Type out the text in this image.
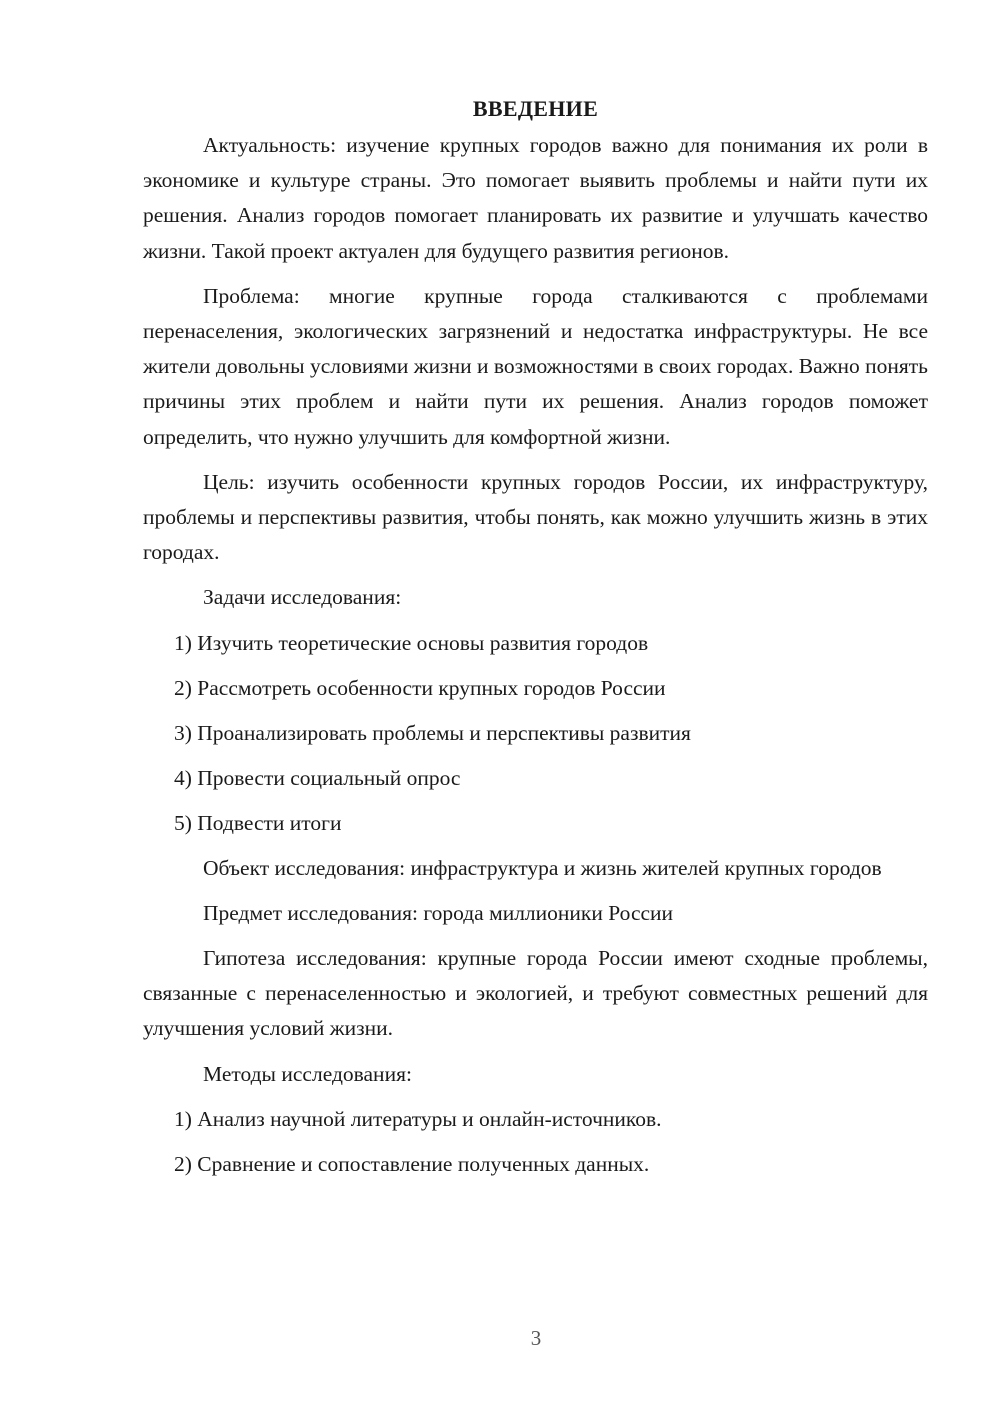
ВВЕДЕНИЕ

Актуальность: изучение крупных городов важно для понимания их роли в экономике и культуре страны. Это помогает выявить проблемы и найти пути их решения. Анализ городов помогает планировать их развитие и улучшать качество жизни. Такой проект актуален для будущего развития регионов.

Проблема: многие крупные города сталкиваются с проблемами перенаселения, экологических загрязнений и недостатка инфраструктуры. Не все жители довольны условиями жизни и возможностями в своих городах. Важно понять причины этих проблем и найти пути их решения. Анализ городов поможет определить, что нужно улучшить для комфортной жизни.

Цель: изучить особенности крупных городов России, их инфраструктуру, проблемы и перспективы развития, чтобы понять, как можно улучшить жизнь в этих городах.

Задачи исследования:

1) Изучить теоретические основы развития городов
2) Рассмотреть особенности крупных городов России
3) Проанализировать проблемы и перспективы развития
4) Провести социальный опрос
5) Подвести итоги

Объект исследования: инфраструктура и жизнь жителей крупных городов

Предмет исследования: города миллионики России

Гипотеза исследования: крупные города России имеют сходные проблемы, связанные с перенаселенностью и экологией, и требуют совместных решений для улучшения условий жизни.

Методы исследования:

1) Анализ научной литературы и онлайн-источников.
2) Сравнение и сопоставление полученных данных.
3
